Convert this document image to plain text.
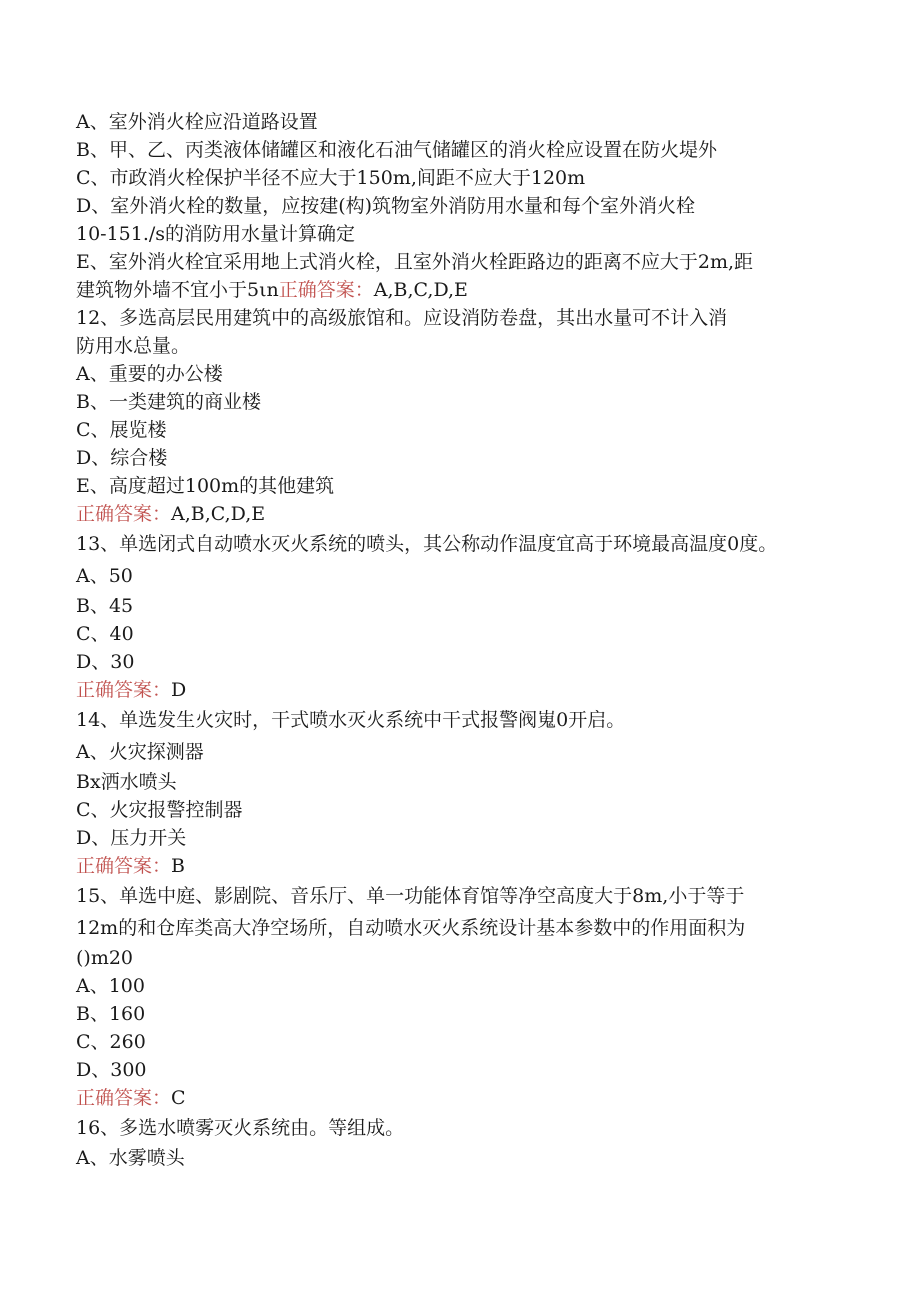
A、室外消火栓应沿道路设置
B、甲、乙、丙类液体储罐区和液化石油气储罐区的消火栓应设置在防火堤外
C、市政消火栓保护半径不应大于150m,间距不应大于120m
D、室外消火栓的数量，应按建(构)筑物室外消防用水量和每个室外消火栓
10-151./s的消防用水量计算确定
E、室外消火栓宜采用地上式消火栓，且室外消火栓距路边的距离不应大于2m,距
建筑物外墙不宜小于5ιn正确答案：A,B,C,D,E
12、多选高层民用建筑中的高级旅馆和。应设消防卷盘，其出水量可不计入消
防用水总量。
A、重要的办公楼
B、一类建筑的商业楼
C、展览楼
D、综合楼
E、高度超过100m的其他建筑
正确答案：A,B,C,D,E
13、单选闭式自动喷水灭火系统的喷头，其公称动作温度宜高于环境最高温度0度。
A、50
B、45
C、40
D、30
正确答案：D
14、单选发生火灾时，干式喷水灭火系统中干式报警阀嵬0开启。
A、火灾探测器
Bx洒水喷头
C、火灾报警控制器
D、压力开关
正确答案：B
15、单选中庭、影剧院、音乐厅、单一功能体育馆等净空高度大于8m,小于等于
12m的和仓库类高大净空场所，自动喷水灭火系统设计基本参数中的作用面积为
()m20
A、100
B、160
C、260
D、300
正确答案：C
16、多选水喷雾灭火系统由。等组成。
A、水雾喷头
